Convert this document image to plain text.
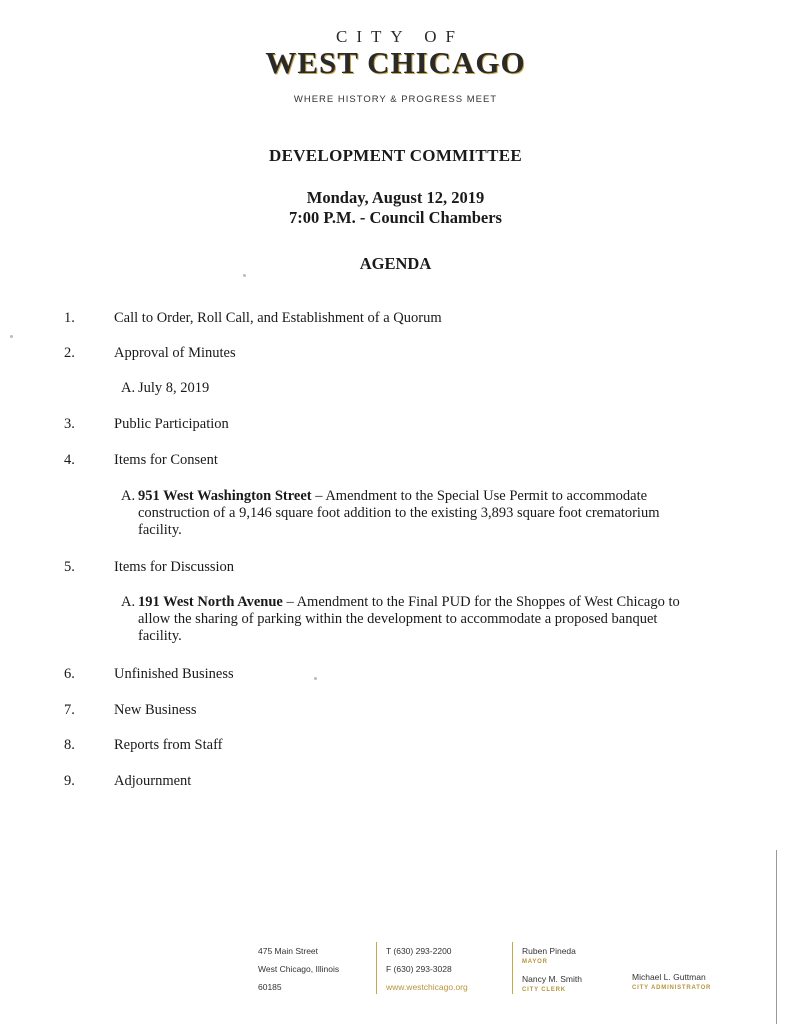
CITY OF
WEST CHICAGO
WHERE HISTORY & PROGRESS MEET
DEVELOPMENT COMMITTEE
Monday, August 12, 2019
7:00 P.M. - Council Chambers
AGENDA
1.	Call to Order, Roll Call, and Establishment of a Quorum
2.	Approval of Minutes
A. July 8, 2019
3.	Public Participation
4.	Items for Consent
A. 951 West Washington Street – Amendment to the Special Use Permit to accommodate construction of a 9,146 square foot addition to the existing 3,893 square foot crematorium facility.
5.	Items for Discussion
A. 191 West North Avenue – Amendment to the Final PUD for the Shoppes of West Chicago to allow the sharing of parking within the development to accommodate a proposed banquet facility.
6.	Unfinished Business
7.	New Business
8.	Reports from Staff
9.	Adjournment
475 Main Street
West Chicago, Illinois
60185
T (630) 293-2200
F (630) 293-3028
www.westchicago.org
Ruben Pineda
MAYOR
Nancy M. Smith
CITY CLERK
Michael L. Guttman
CITY ADMINISTRATOR
